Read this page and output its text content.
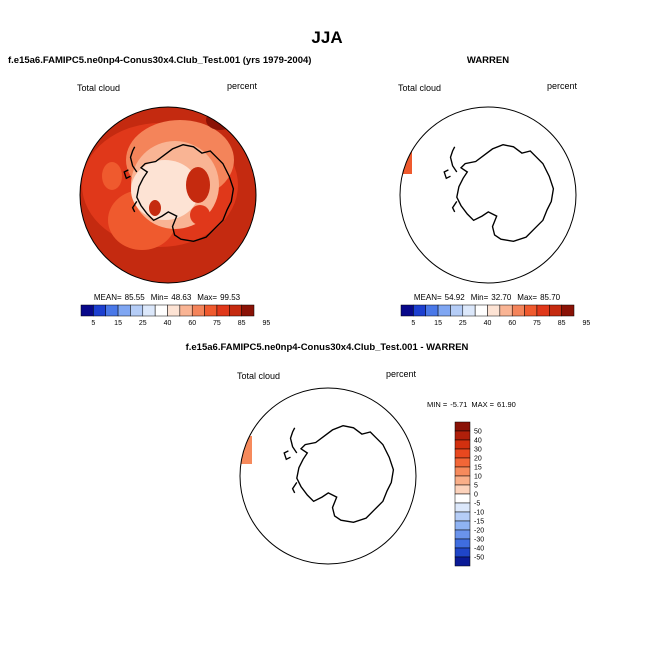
JJA
f.e15a6.FAMIPC5.ne0np4-Conus30x4.Club_Test.001 (yrs 1979-2004)
Total cloud	percent
MEAN= 85.55 Min= 48.63 Max= 99.53
5	15 25 40 60 75 85 95
WARREN
Total cloud	percent
MEAN= 54.92 Min= 32.70 Max= 85.70
5	15 25 40 60 75 85 95
f.e15a6.FAMIPC5.ne0np4-Conus30x4.Club_Test.001 - WARREN
Total cloud	percent
MIN = -5.71 MAX = 61.90
50
40
30
20
15
10
5
0
-5
-10
-15
-20
-30
-40
-50
